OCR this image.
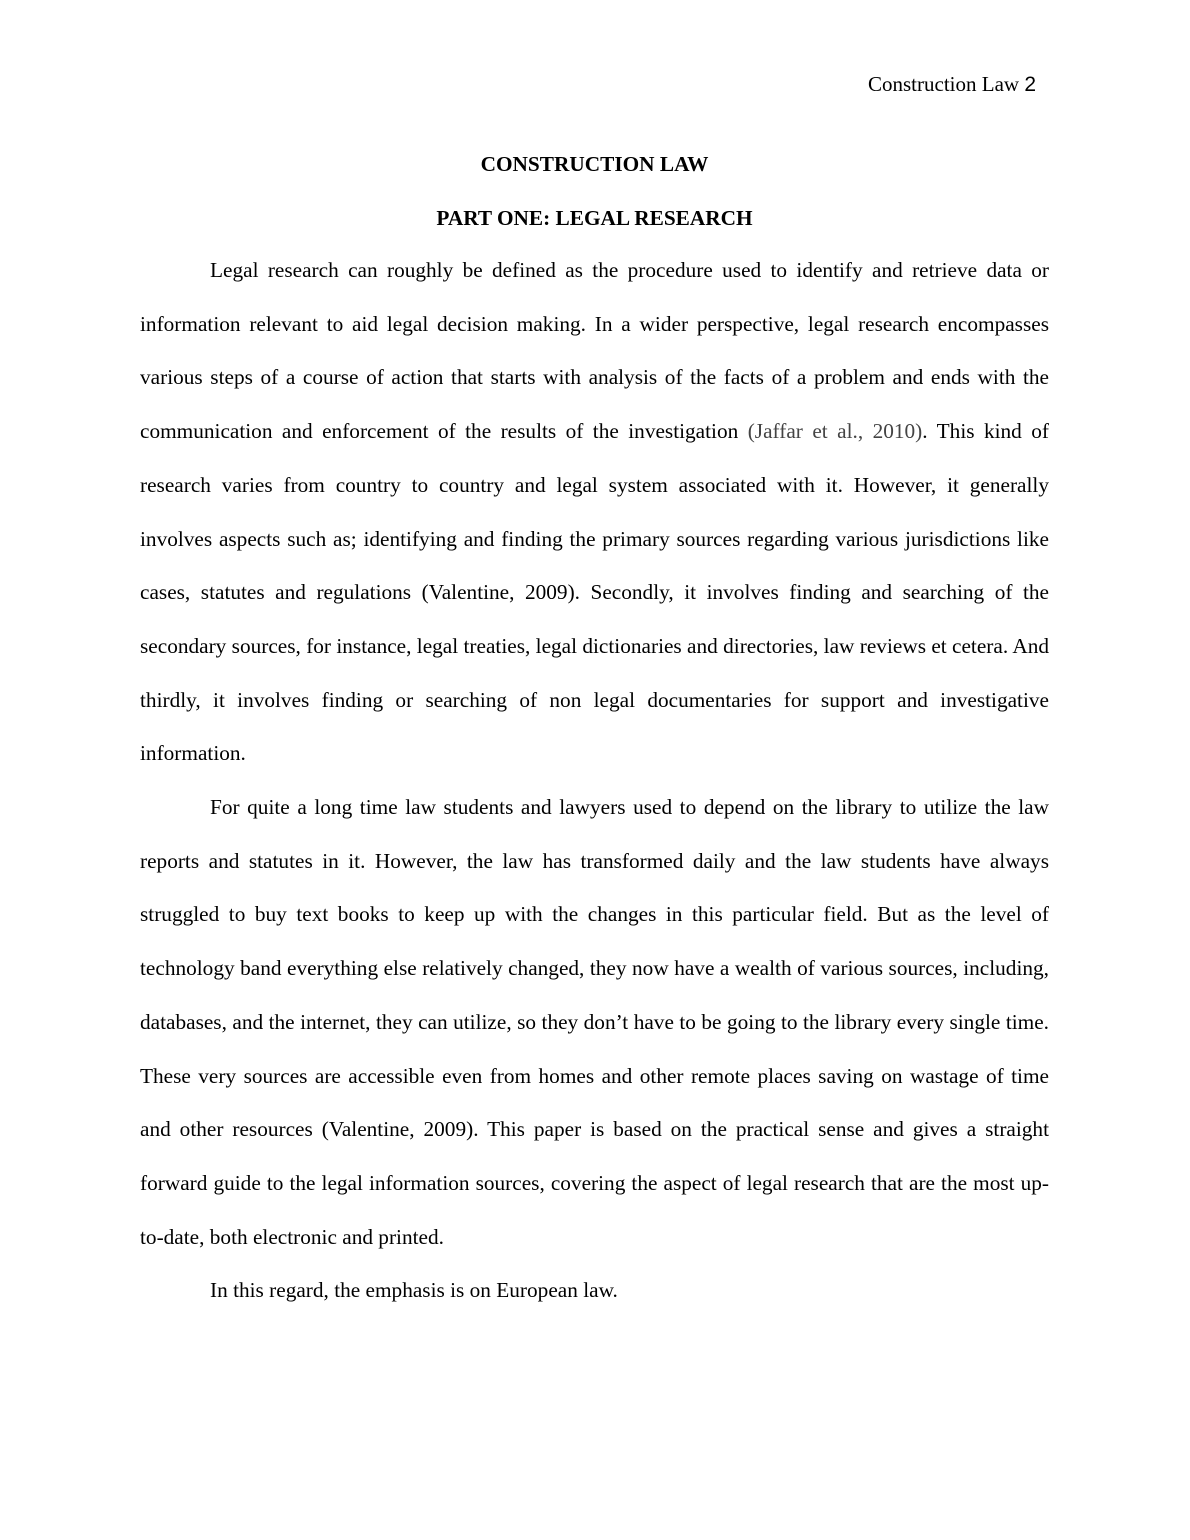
Construction Law 2

CONSTRUCTION LAW

PART ONE: LEGAL RESEARCH

Legal research can roughly be defined as the procedure used to identify and retrieve data or information relevant to aid legal decision making. In a wider perspective, legal research encompasses various steps of a course of action that starts with analysis of the facts of a problem and ends with the communication and enforcement of the results of the investigation (Jaffar et al., 2010). This kind of research varies from country to country and legal system associated with it. However, it generally involves aspects such as; identifying and finding the primary sources regarding various jurisdictions like cases, statutes and regulations (Valentine, 2009). Secondly, it involves finding and searching of the secondary sources, for instance, legal treaties, legal dictionaries and directories, law reviews et cetera. And thirdly, it involves finding or searching of non legal documentaries for support and investigative information.

For quite a long time law students and lawyers used to depend on the library to utilize the law reports and statutes in it. However, the law has transformed daily and the law students have always struggled to buy text books to keep up with the changes in this particular field. But as the level of technology band everything else relatively changed, they now have a wealth of various sources, including, databases, and the internet, they can utilize, so they don’t have to be going to the library every single time. These very sources are accessible even from homes and other remote places saving on wastage of time and other resources (Valentine, 2009). This paper is based on the practical sense and gives a straight forward guide to the legal information sources, covering the aspect of legal research that are the most up-to-date, both electronic and printed.

In this regard, the emphasis is on European law.
